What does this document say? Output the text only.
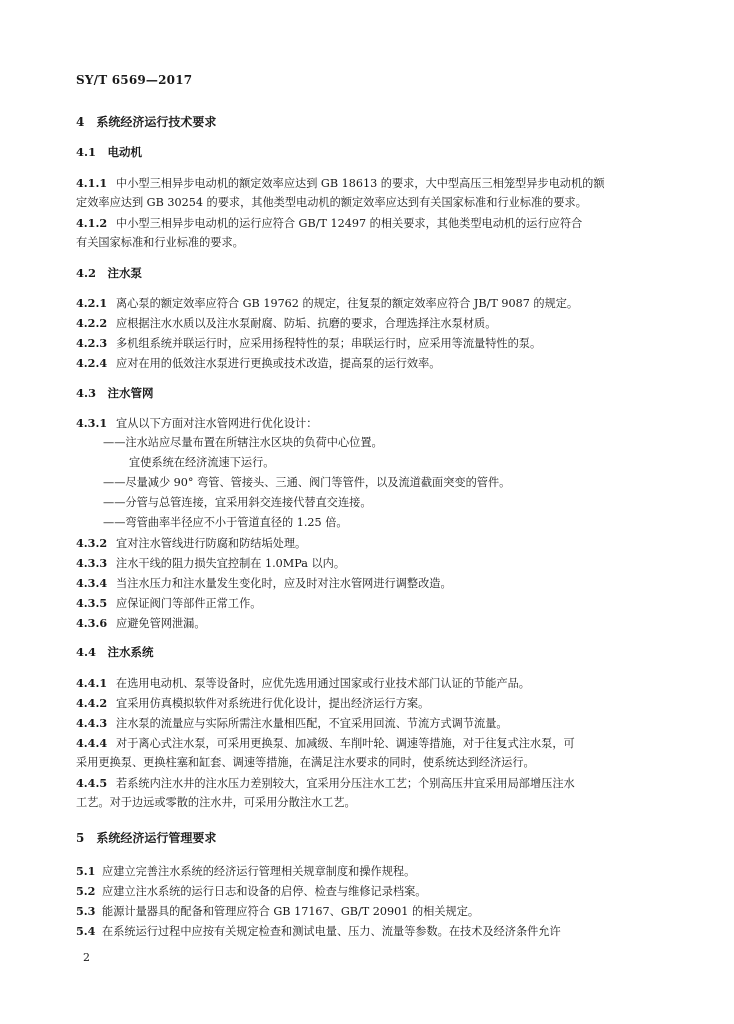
SY/T 6569—2017
4　系统经济运行技术要求
4.1　电动机
4.1.1 中小型三相异步电动机的额定效率应达到 GB 18613 的要求，大中型高压三相笼型异步电动机的额
定效率应达到 GB 30254 的要求，其他类型电动机的额定效率应达到有关国家标准和行业标准的要求。
4.1.2 中小型三相异步电动机的运行应符合 GB/T 12497 的相关要求，其他类型电动机的运行应符合
有关国家标准和行业标准的要求。
4.2　注水泵
4.2.1 离心泵的额定效率应符合 GB 19762 的规定，往复泵的额定效率应符合 JB/T 9087 的规定。
4.2.2 应根据注水水质以及注水泵耐腐、防垢、抗磨的要求，合理选择注水泵材质。
4.2.3 多机组系统并联运行时，应采用扬程特性的泵；串联运行时，应采用等流量特性的泵。
4.2.4 应对在用的低效注水泵进行更换或技术改造，提高泵的运行效率。
4.3　注水管网
4.3.1 宜从以下方面对注水管网进行优化设计：
——注水站应尽量布置在所辖注水区块的负荷中心位置。
宜使系统在经济流速下运行。
——尽量减少 90° 弯管、管接头、三通、阀门等管件，以及流道截面突变的管件。
——分管与总管连接，宜采用斜交连接代替直交连接。
——弯管曲率半径应不小于管道直径的 1.25 倍。
4.3.2 宜对注水管线进行防腐和防结垢处理。
4.3.3 注水干线的阻力损失宜控制在 1.0MPa 以内。
4.3.4 当注水压力和注水量发生变化时，应及时对注水管网进行调整改造。
4.3.5 应保证阀门等部件正常工作。
4.3.6 应避免管网泄漏。
4.4　注水系统
4.4.1 在选用电动机、泵等设备时，应优先选用通过国家或行业技术部门认证的节能产品。
4.4.2 宜采用仿真模拟软件对系统进行优化设计，提出经济运行方案。
4.4.3 注水泵的流量应与实际所需注水量相匹配，不宜采用回流、节流方式调节流量。
4.4.4 对于离心式注水泵，可采用更换泵、加减级、车削叶轮、调速等措施，对于往复式注水泵，可
采用更换泵、更换柱塞和缸套、调速等措施，在满足注水要求的同时，使系统达到经济运行。
4.4.5 若系统内注水井的注水压力差别较大，宜采用分压注水工艺；个别高压井宜采用局部增压注水
工艺。对于边远或零散的注水井，可采用分散注水工艺。
5　系统经济运行管理要求
5.1 应建立完善注水系统的经济运行管理相关规章制度和操作规程。
5.2 应建立注水系统的运行日志和设备的启停、检查与维修记录档案。
5.3 能源计量器具的配备和管理应符合 GB 17167、GB/T 20901 的相关规定。
5.4 在系统运行过程中应按有关规定检查和测试电量、压力、流量等参数。在技术及经济条件允许
2
